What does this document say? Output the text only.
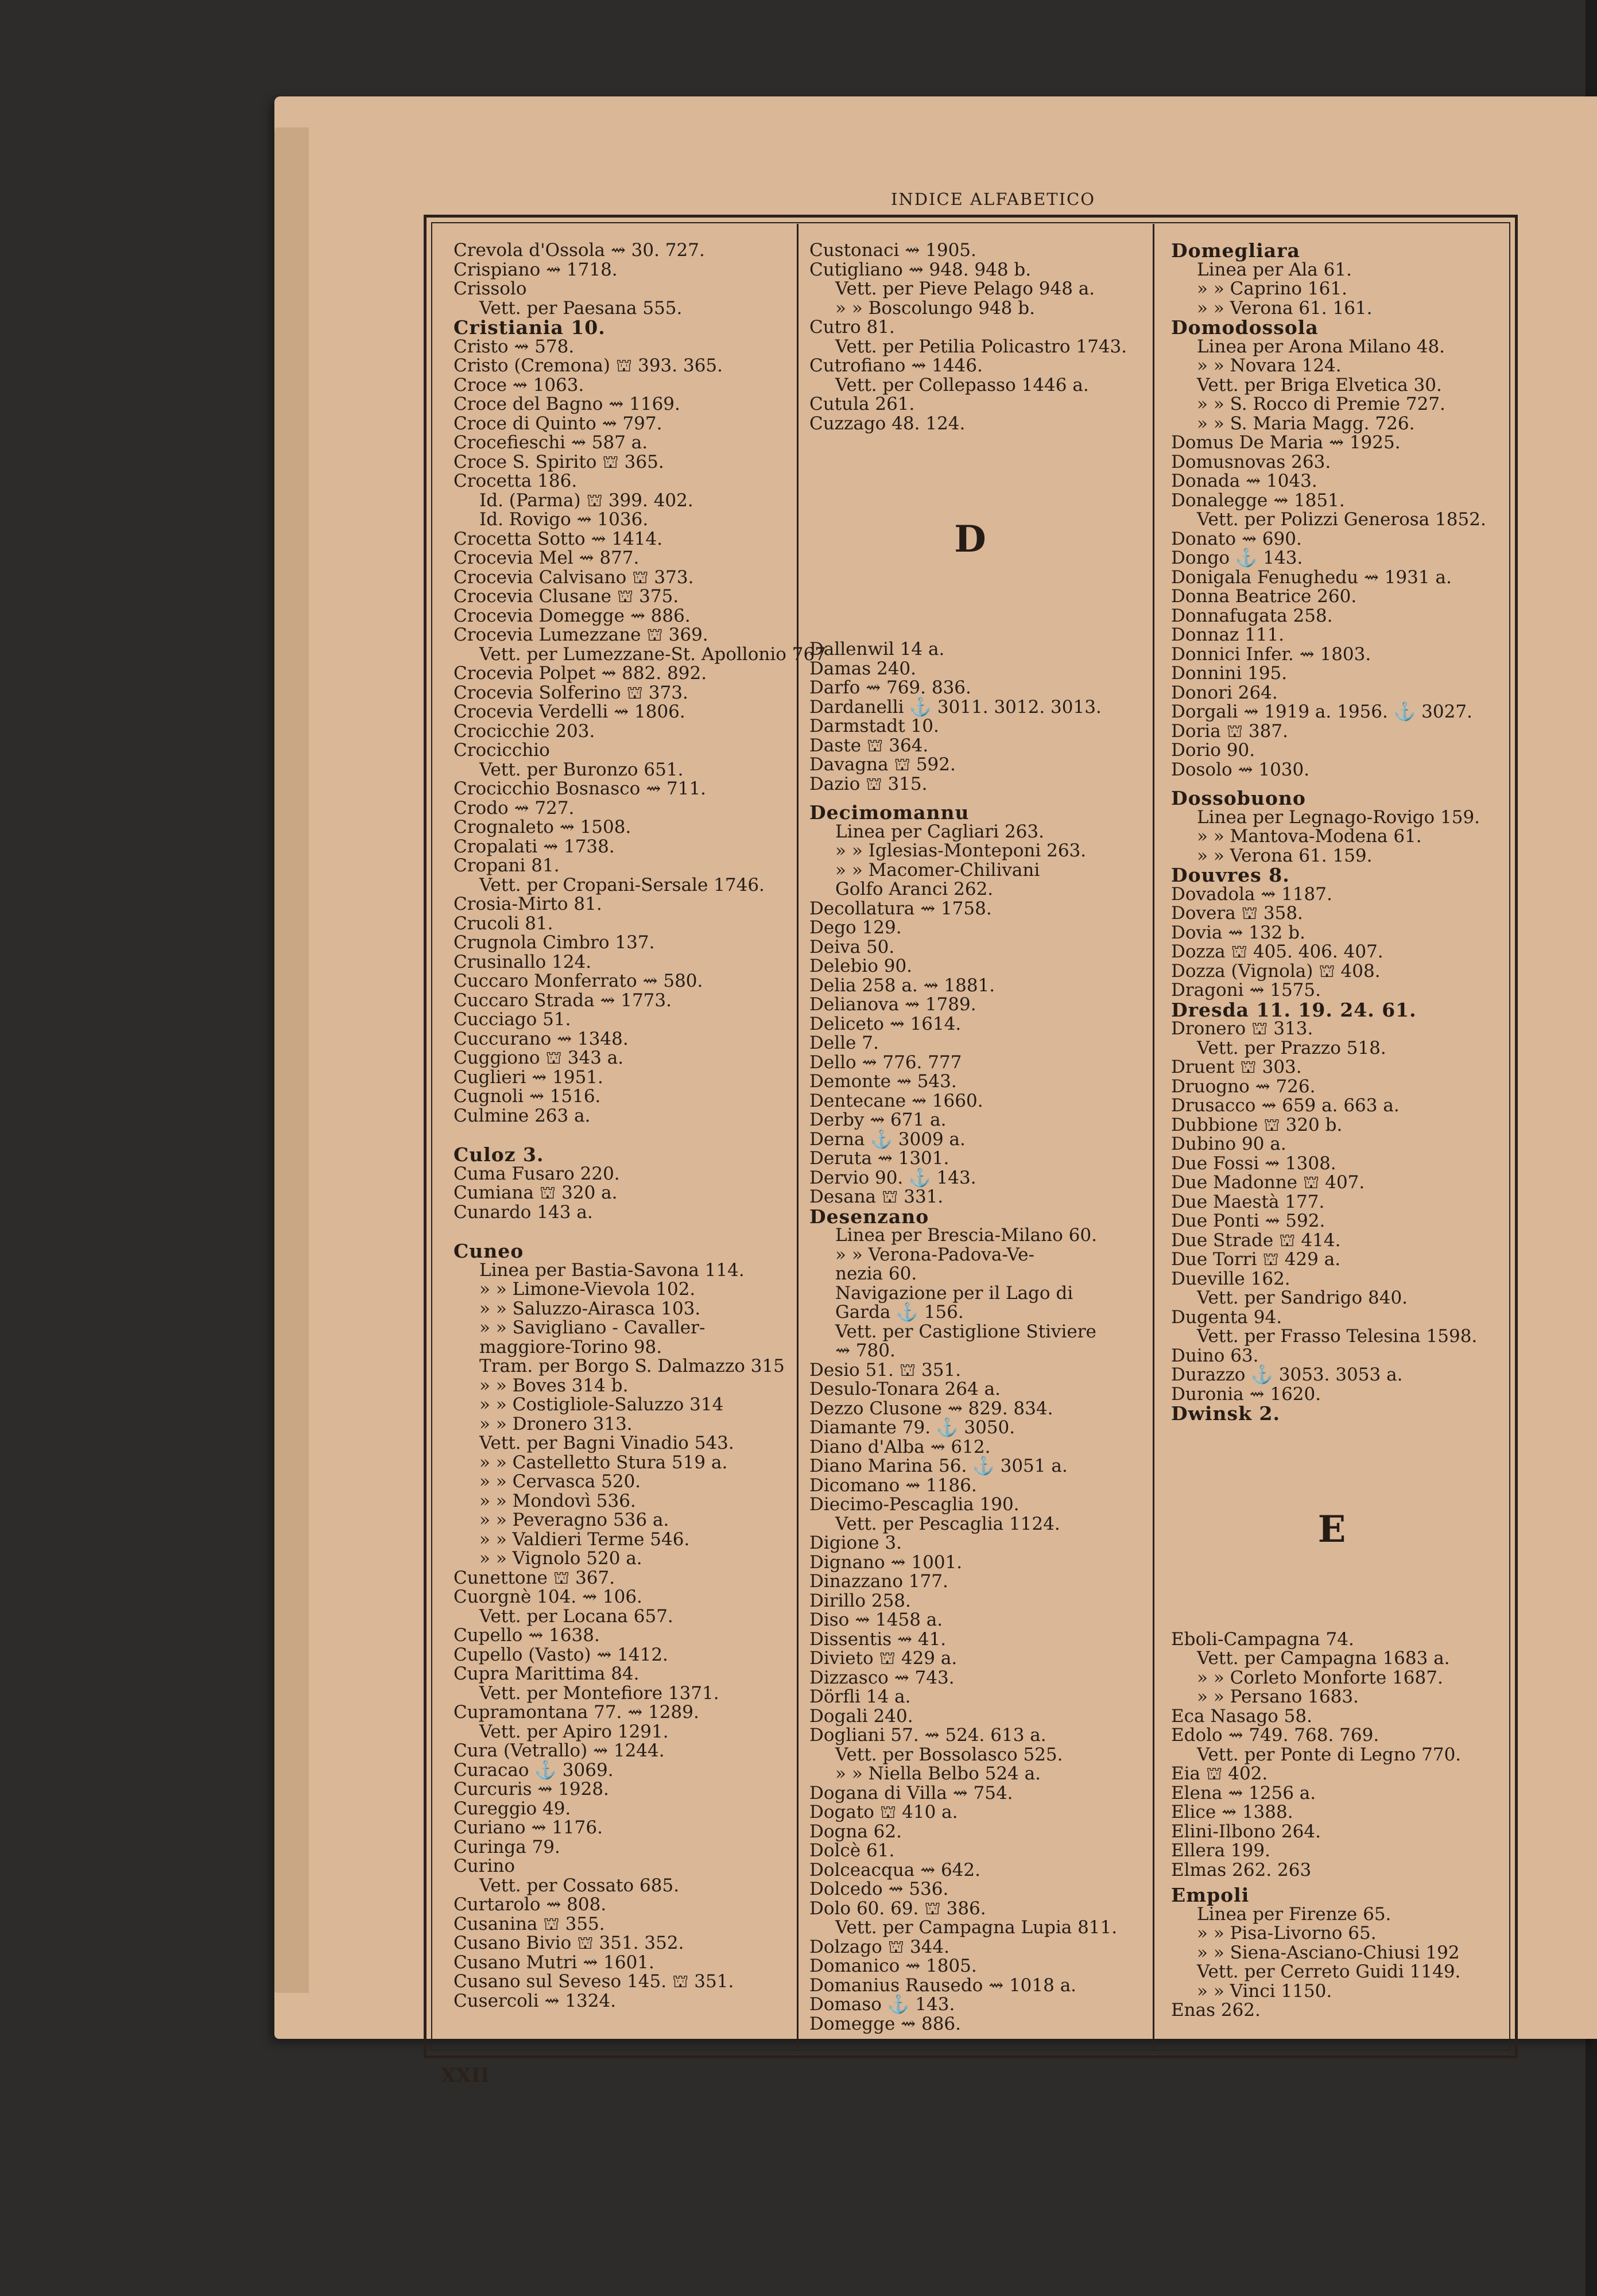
INDICE ALFABETICO
Crevola d'Ossola ⇝ 30. 727.
Crispiano ⇝ 1718.
Crissolo
Vett. per Paesana 555.
Cristiania 10.
Cristo ⇝ 578.
Cristo (Cremona) ⛫ 393. 365.
Croce ⇝ 1063.
Croce del Bagno ⇝ 1169.
Croce di Quinto ⇝ 797.
Crocefieschi ⇝ 587 a.
Croce S. Spirito ⛫ 365.
Crocetta 186.
Id. (Parma) ⛫ 399. 402.
Id. Rovigo ⇝ 1036.
Crocetta Sotto ⇝ 1414.
Crocevia Mel ⇝ 877.
Crocevia Calvisano ⛫ 373.
Crocevia Clusane ⛫ 375.
Crocevia Domegge ⇝ 886.
Crocevia Lumezzane ⛫ 369.
Vett. per Lumezzane-St. Apollonio 767
Crocevia Polpet ⇝ 882. 892.
Crocevia Solferino ⛫ 373.
Crocevia Verdelli ⇝ 1806.
Crocicchie 203.
Crocicchio
Vett. per Buronzo 651.
Crocicchio Bosnasco ⇝ 711.
Crodo ⇝ 727.
Crognaleto ⇝ 1508.
Cropalati ⇝ 1738.
Cropani 81.
Vett. per Cropani-Sersale 1746.
Crosia-Mirto 81.
Crucoli 81.
Crugnola Cimbro 137.
Crusinallo 124.
Cuccaro Monferrato ⇝ 580.
Cuccaro Strada ⇝ 1773.
Cucciago 51.
Cuccurano ⇝ 1348.
Cuggiono ⛫ 343 a.
Cuglieri ⇝ 1951.
Cugnoli ⇝ 1516.
Culmine 263 a.
Culoz 3.
Cuma Fusaro 220.
Cumiana ⛫ 320 a.
Cunardo 143 a.
Cuneo
Linea per Bastia-Savona 114.
» » Limone-Vievola 102.
» » Saluzzo-Airasca 103.
» » Savigliano - Cavaller-
maggiore-Torino 98.
Tram. per Borgo S. Dalmazzo 315
» » Boves 314 b.
» » Costigliole-Saluzzo 314
» » Dronero 313.
Vett. per Bagni Vinadio 543.
» » Castelletto Stura 519 a.
» » Cervasca 520.
» » Mondovì 536.
» » Peveragno 536 a.
» » Valdieri Terme 546.
» » Vignolo 520 a.
Cunettone ⛫ 367.
Cuorgnè 104. ⇝ 106.
Vett. per Locana 657.
Cupello ⇝ 1638.
Cupello (Vasto) ⇝ 1412.
Cupra Marittima 84.
Vett. per Montefiore 1371.
Cupramontana 77. ⇝ 1289.
Vett. per Apiro 1291.
Cura (Vetrallo) ⇝ 1244.
Curacao ⚓ 3069.
Curcuris ⇝ 1928.
Cureggio 49.
Curiano ⇝ 1176.
Curinga 79.
Curino
Vett. per Cossato 685.
Curtarolo ⇝ 808.
Cusanina ⛫ 355.
Cusano Bivio ⛫ 351. 352.
Cusano Mutri ⇝ 1601.
Cusano sul Seveso 145. ⛫ 351.
Cusercoli ⇝ 1324.
Custonaci ⇝ 1905.
Cutigliano ⇝ 948. 948 b.
Vett. per Pieve Pelago 948 a.
» » Boscolungo 948 b.
Cutro 81.
Vett. per Petilia Policastro 1743.
Cutrofiano ⇝ 1446.
Vett. per Collepasso 1446 a.
Cutula 261.
Cuzzago 48. 124.
D
Dallenwil 14 a.
Damas 240.
Darfo ⇝ 769. 836.
Dardanelli ⚓ 3011. 3012. 3013.
Darmstadt 10.
Daste ⛫ 364.
Davagna ⛫ 592.
Dazio ⛫ 315.
Decimomannu
Linea per Cagliari 263.
» » Iglesias-Monteponi 263.
» » Macomer-Chilivani
Golfo Aranci 262.
Decollatura ⇝ 1758.
Dego 129.
Deiva 50.
Delebio 90.
Delia 258 a. ⇝ 1881.
Delianova ⇝ 1789.
Deliceto ⇝ 1614.
Delle 7.
Dello ⇝ 776. 777
Demonte ⇝ 543.
Dentecane ⇝ 1660.
Derby ⇝ 671 a.
Derna ⚓ 3009 a.
Deruta ⇝ 1301.
Dervio 90. ⚓ 143.
Desana ⛫ 331.
Desenzano
Linea per Brescia-Milano 60.
» » Verona-Padova-Ve-
nezia 60.
Navigazione per il Lago di
Garda ⚓ 156.
Vett. per Castiglione Stiviere
⇝ 780.
Desio 51. ⛫ 351.
Desulo-Tonara 264 a.
Dezzo Clusone ⇝ 829. 834.
Diamante 79. ⚓ 3050.
Diano d'Alba ⇝ 612.
Diano Marina 56. ⚓ 3051 a.
Dicomano ⇝ 1186.
Diecimo-Pescaglia 190.
Vett. per Pescaglia 1124.
Digione 3.
Dignano ⇝ 1001.
Dinazzano 177.
Dirillo 258.
Diso ⇝ 1458 a.
Dissentis ⇝ 41.
Divieto ⛫ 429 a.
Dizzasco ⇝ 743.
Dörfli 14 a.
Dogali 240.
Dogliani 57. ⇝ 524. 613 a.
Vett. per Bossolasco 525.
» » Niella Belbo 524 a.
Dogana di Villa ⇝ 754.
Dogato ⛫ 410 a.
Dogna 62.
Dolcè 61.
Dolceacqua ⇝ 642.
Dolcedo ⇝ 536.
Dolo 60. 69. ⛫ 386.
Vett. per Campagna Lupia 811.
Dolzago ⛫ 344.
Domanico ⇝ 1805.
Domanius Rausedo ⇝ 1018 a.
Domaso ⚓ 143.
Domegge ⇝ 886.
Domegliara
Linea per Ala 61.
» » Caprino 161.
» » Verona 61. 161.
Domodossola
Linea per Arona Milano 48.
» » Novara 124.
Vett. per Briga Elvetica 30.
» » S. Rocco di Premie 727.
» » S. Maria Magg. 726.
Domus De Maria ⇝ 1925.
Domusnovas 263.
Donada ⇝ 1043.
Donalegge ⇝ 1851.
Vett. per Polizzi Generosa 1852.
Donato ⇝ 690.
Dongo ⚓ 143.
Donigala Fenughedu ⇝ 1931 a.
Donna Beatrice 260.
Donnafugata 258.
Donnaz 111.
Donnici Infer. ⇝ 1803.
Donnini 195.
Donori 264.
Dorgali ⇝ 1919 a. 1956. ⚓ 3027.
Doria ⛫ 387.
Dorio 90.
Dosolo ⇝ 1030.
Dossobuono
Linea per Legnago-Rovigo 159.
» » Mantova-Modena 61.
» » Verona 61. 159.
Douvres 8.
Dovadola ⇝ 1187.
Dovera ⛫ 358.
Dovia ⇝ 132 b.
Dozza ⛫ 405. 406. 407.
Dozza (Vignola) ⛫ 408.
Dragoni ⇝ 1575.
Dresda 11. 19. 24. 61.
Dronero ⛫ 313.
Vett. per Prazzo 518.
Druent ⛫ 303.
Druogno ⇝ 726.
Drusacco ⇝ 659 a. 663 a.
Dubbione ⛫ 320 b.
Dubino 90 a.
Due Fossi ⇝ 1308.
Due Madonne ⛫ 407.
Due Maestà 177.
Due Ponti ⇝ 592.
Due Strade ⛫ 414.
Due Torri ⛫ 429 a.
Dueville 162.
Vett. per Sandrigo 840.
Dugenta 94.
Vett. per Frasso Telesina 1598.
Duino 63.
Durazzo ⚓ 3053. 3053 a.
Duronia ⇝ 1620.
Dwinsk 2.
E
Eboli-Campagna 74.
Vett. per Campagna 1683 a.
» » Corleto Monforte 1687.
» » Persano 1683.
Eca Nasago 58.
Edolo ⇝ 749. 768. 769.
Vett. per Ponte di Legno 770.
Eia ⛫ 402.
Elena ⇝ 1256 a.
Elice ⇝ 1388.
Elini-Ilbono 264.
Ellera 199.
Elmas 262. 263
Empoli
Linea per Firenze 65.
» » Pisa-Livorno 65.
» » Siena-Asciano-Chiusi 192
Vett. per Cerreto Guidi 1149.
» » Vinci 1150.
Enas 262.
XXII
